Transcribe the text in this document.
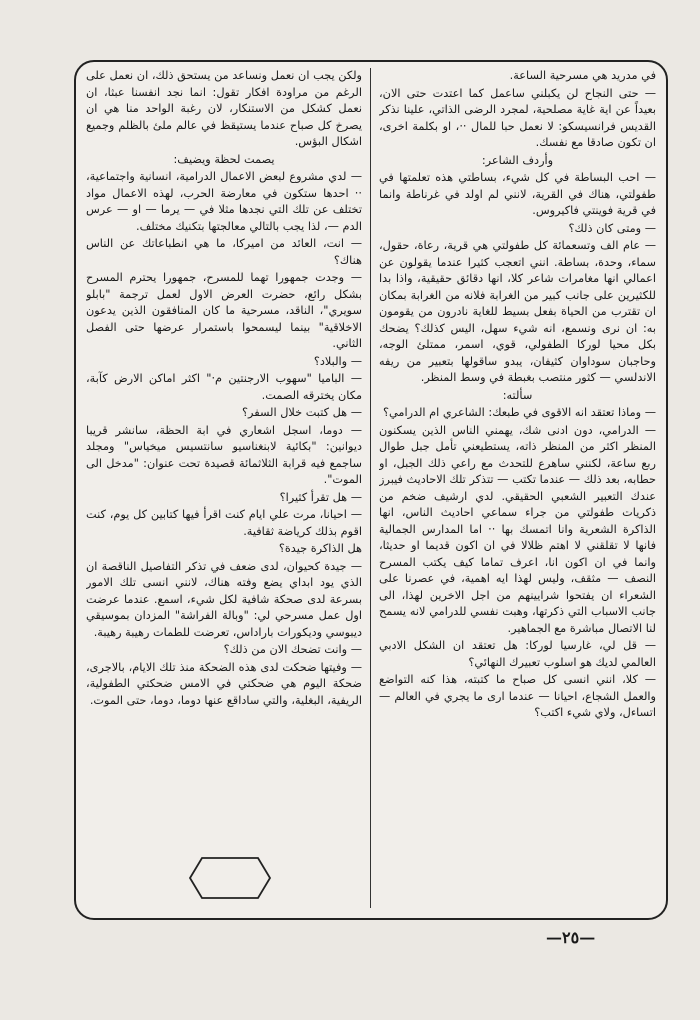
في مدريد هي مسرحية الساعة.

— حتى النجاح لن يكبلني ساعمل كما اعتدت حتى الان، بعيداً عن اية غاية مصلحية، لمجرد الرضى الذاتي، علينا نذكر القديس فرانسيسكو: لا نعمل حبا للمال ··، او بكلمة اخرى، ان تكون صادقا مع نفسك.

وأردف الشاعر:

— احب البساطة في كل شيء، بساطتي هذه تعلمتها في طفولتي، هناك في القرية، لانني لم اولد في غرناطة وانما في قرية فوينتي فاكيروس.

— ومتى كان ذلك؟

— عام الف وتسعمائة كل طفولتي هي قرية، رعاة، حقول، سماء، وحدة، بساطة. انني اتعجب كثيرا عندما يقولون عن اعمالي انها مغامرات شاعر كلا، انها دقائق حقيقية، واذا بدا للكثيرين على جانب كبير من الغرابة فلانه من الغرابة بمكان ان تقترب من الحياة بفعل بسيط للغاية نادرون من يقومون به: ان نرى ونسمع، انه شيء سهل، اليس كذلك؟ يضحك بكل محيا لوركا الطفولي، قوي، اسمر، ممتلئ الوجه، وحاجبان سوداوان كثيفان، يبدو ساقولها بتعبير من ريفه الاندلسي — كثور منتصب بغبطة في وسط المنظر.

سألته:

— وماذا تعتقد انه الاقوى في طبعك: الشاعري ام الدرامي؟

— الدرامي، دون ادنى شك، يهمني الناس الذين يسكنون المنظر اكثر من المنظر ذاته، يستطيعني تأمل جبل طوال ربع ساعة، لكنني ساهرع للتحدث مع راعي ذلك الجبل، او حطابه، بعد ذلك — عندما تكتب — تتذكر تلك الاحاديث فيبرز عندك التعبير الشعبي الحقيقي. لدي ارشيف ضخم من ذكريات طفولتي من جراء سماعي احاديث الناس، انها الذاكرة الشعرية وانا اتمسك بها ·· اما المدارس الجمالية فانها لا تقلقني لا اهتم ظلالا في ان اكون قديما او حديثا، وانما في ان اكون انا، اعرف تماما كيف يكتب المسرح النصف — مثقف، وليس لهذا ايه اهمية، في عصرنا على الشعراء ان يفتحوا شرايينهم من اجل الاخرين لهذا، الى جانب الاسباب التي ذكرتها، وهبت نفسي للدرامي لانه يسمح لنا الاتصال مباشرة مع الجماهير.

— قل لي، غارسيا لوركا: هل تعتقد ان الشكل الادبي العالمي لديك هو اسلوب تعبيرك النهائي؟

— كلا، انني انسى كل صباح ما كتبته، هذا كنه التواضع والعمل الشجاع، احيانا — عندما ارى ما يجري في العالم — اتساءل، ولاي شيء اكتب؟

ولكن يجب ان نعمل ونساعد من يستحق ذلك، ان نعمل على الرغم من مراودة افكار تقول: انما نجد انفسنا عبثا، ان نعمل كشكل من الاستنكار، لان رغبة الواحد منا هي ان يصرخ كل صباح عندما يستيقظ في عالم ملئ بالظلم وجميع اشكال البؤس.

يصمت لحظة ويضيف:

— لدي مشروع لبعض الاعمال الدرامية، انسانية واجتماعية، ·· احدها ستكون في معارضة الحرب، لهذه الاعمال مواد تختلف عن تلك التي نجدها مثلا في — يرما — او — عرس الدم —، لذا يجب بالتالي معالجتها بتكنيك مختلف.

— انت، العائد من اميركا، ما هي انطباعاتك عن الناس هناك؟

— وجدت جمهورا تهما للمسرح، جمهورا يحترم المسرح بشكل رائع، حضرت العرض الاول لعمل ترجمة "بابلو سويري"، الناقد، مسرحية ما كان المنافقون الذين يدعون الاخلاقية" بينما ليسمحوا باستمرار عرضها حتى الفصل الثاني.

— والبلاد؟

— الباميا "سهوب الارجنتين م·" اكثر اماكن الارض كآبة، مكان يخترقه الصمت.

— هل كتبت خلال السفر؟

— دوما، اسجل اشعاري في ابة الحظة، سانشر قريبا ديوانين: "بكائية لابنغناسيو سانتسيس ميخياس" ومجلد ساجمع فيه قرابة الثلاثمائة قصيدة تحت عنوان: "مدخل الى الموت".

— هل تقرأ كثيرا؟

— احيانا، مرت علي ايام كنت اقرأ فيها كتابين كل يوم، كنت اقوم بذلك كرياضة ثقافية.

هل الذاكرة جيدة؟

— جيدة كحيوان، لدى ضعف في تذكر التفاصيل الناقصة ان الذي يود ابداي يضع وفته هناك، لانني انسى تلك الامور بسرعة لدى صحكة شافية لكل شيء، اسمع. عندما عرضت اول عمل مسرحي لي: "وبالة الفراشة" المزدان بموسيقي ديبوسي وديكورات باراداس، تعرضت للطمات رهيبة رهيبة.

— وانت تضحك الان من ذلك؟

— وفيتها ضحكت لدى هذه الضحكة منذ تلك الايام، بالاجرى، ضحكة اليوم هي ضحكتي في الامس ضحكتي الطفولية، الريفية، البغلية، والتي ساداقع عنها دوما، دوما، حتى الموت.

—٢٥—
